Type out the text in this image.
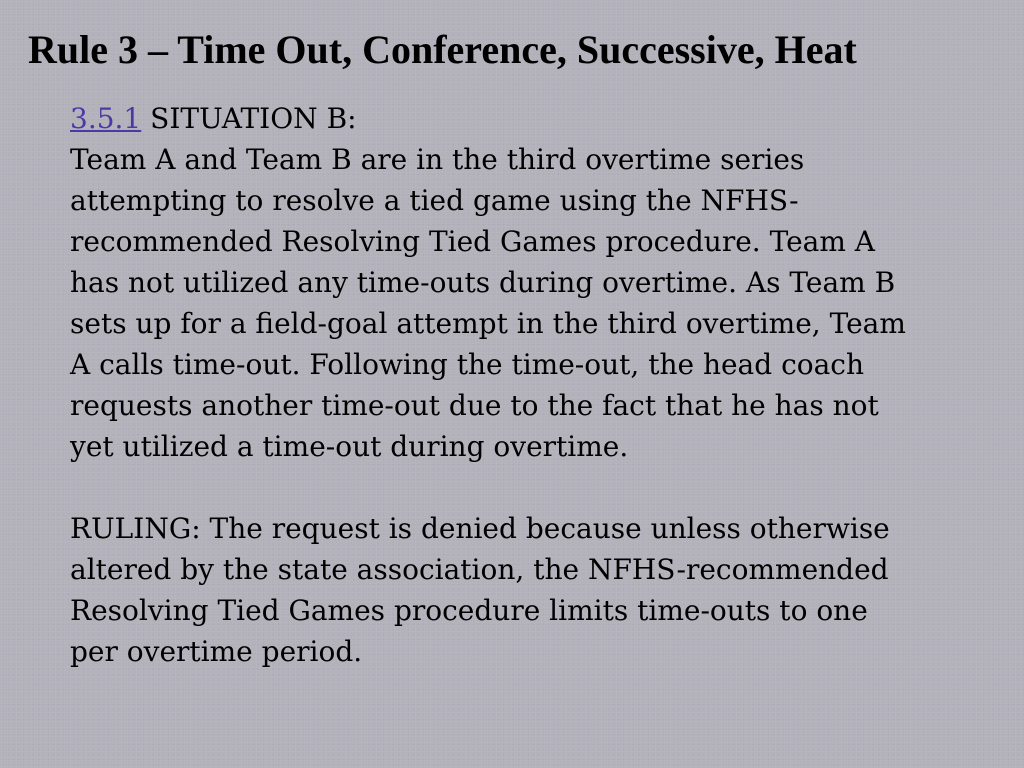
Rule 3 – Time Out, Conference, Successive, Heat
3.5.1 SITUATION B:
Team A and Team B are in the third overtime series
attempting to resolve a tied game using the NFHS-
recommended Resolving Tied Games procedure. Team A
has not utilized any time-outs during overtime. As Team B
sets up for a field-goal attempt in the third overtime, Team
A calls time-out. Following the time-out, the head coach
requests another time-out due to the fact that he has not
yet utilized a time-out during overtime.
RULING: The request is denied because unless otherwise
altered by the state association, the NFHS-recommended
Resolving Tied Games procedure limits time-outs to one
per overtime period.
